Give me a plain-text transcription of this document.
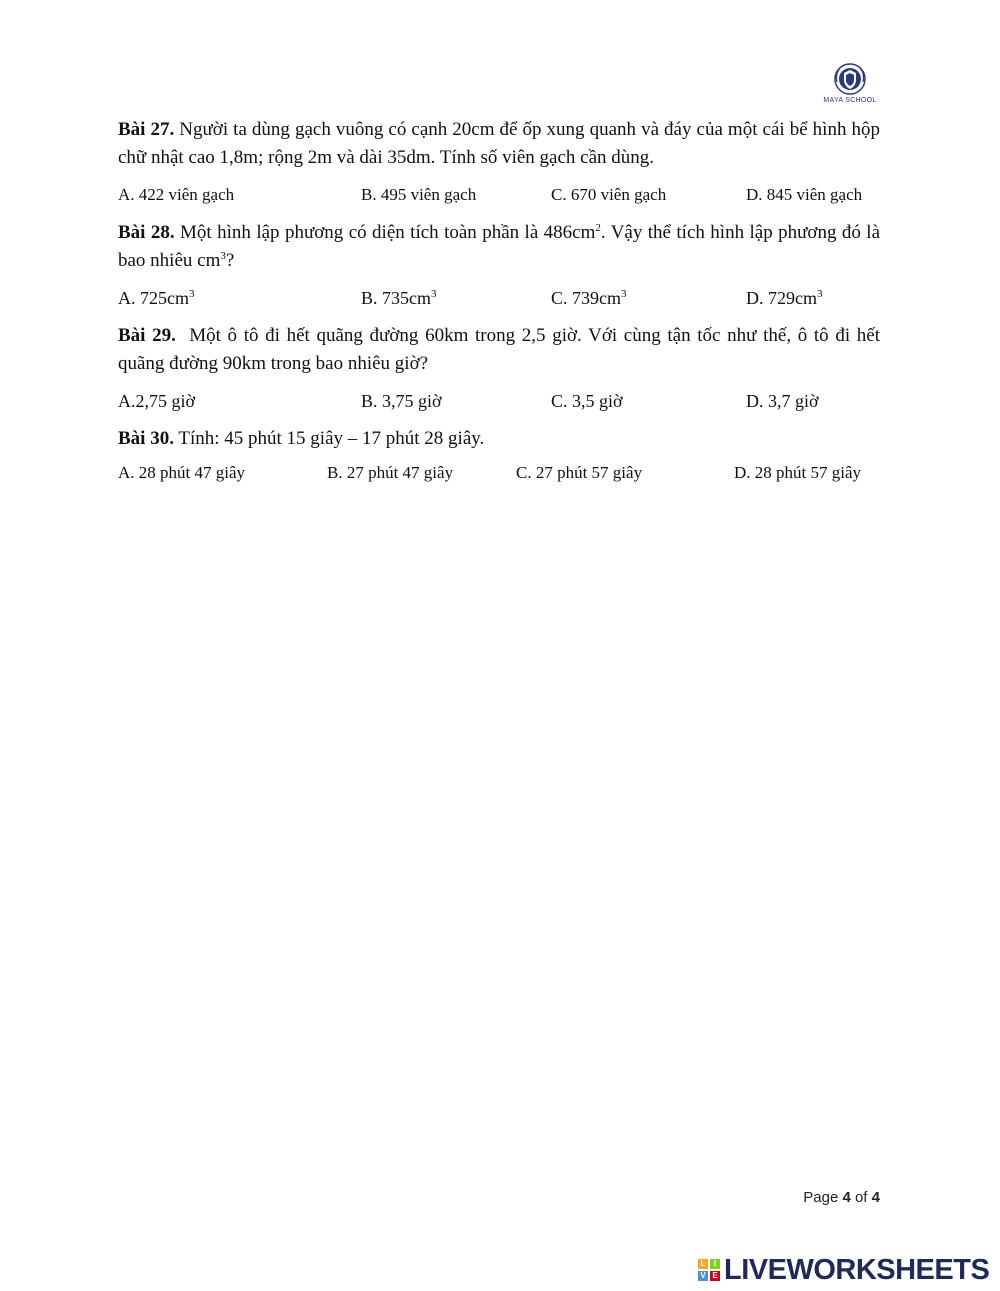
MAYA SCHOOL

Bài 27. Người ta dùng gạch vuông có cạnh 20cm để ốp xung quanh và đáy của một cái bể hình hộp chữ nhật cao 1,8m; rộng 2m và dài 35dm. Tính số viên gạch cần dùng.

A. 422 viên gạch	B. 495 viên gạch	C. 670 viên gạch	D. 845 viên gạch

Bài 28. Một hình lập phương có diện tích toàn phần là $486cm^2$. Vậy thể tích hình lập phương đó là bao nhiêu $cm^3$?

A. $725cm^3$	B. $735cm^3$	C. $739cm^3$	D. $729cm^3$

Bài 29.  Một ô tô đi hết quãng đường 60km trong 2,5 giờ. Với cùng tận tốc như thế, ô tô đi hết quãng đường 90km trong bao nhiêu giờ?

A.2,75 giờ	B. 3,75 giờ	C. 3,5 giờ	D. 3,7 giờ

Bài 30. Tính: 45 phút 15 giây – 17 phút 28 giây.

A. 28 phút 47 giây	B. 27 phút 47 giây	C. 27 phút 57 giây	D. 28 phút 57 giây
Page 4 of 4
L	I
V E LIVEWORKSHEETS
